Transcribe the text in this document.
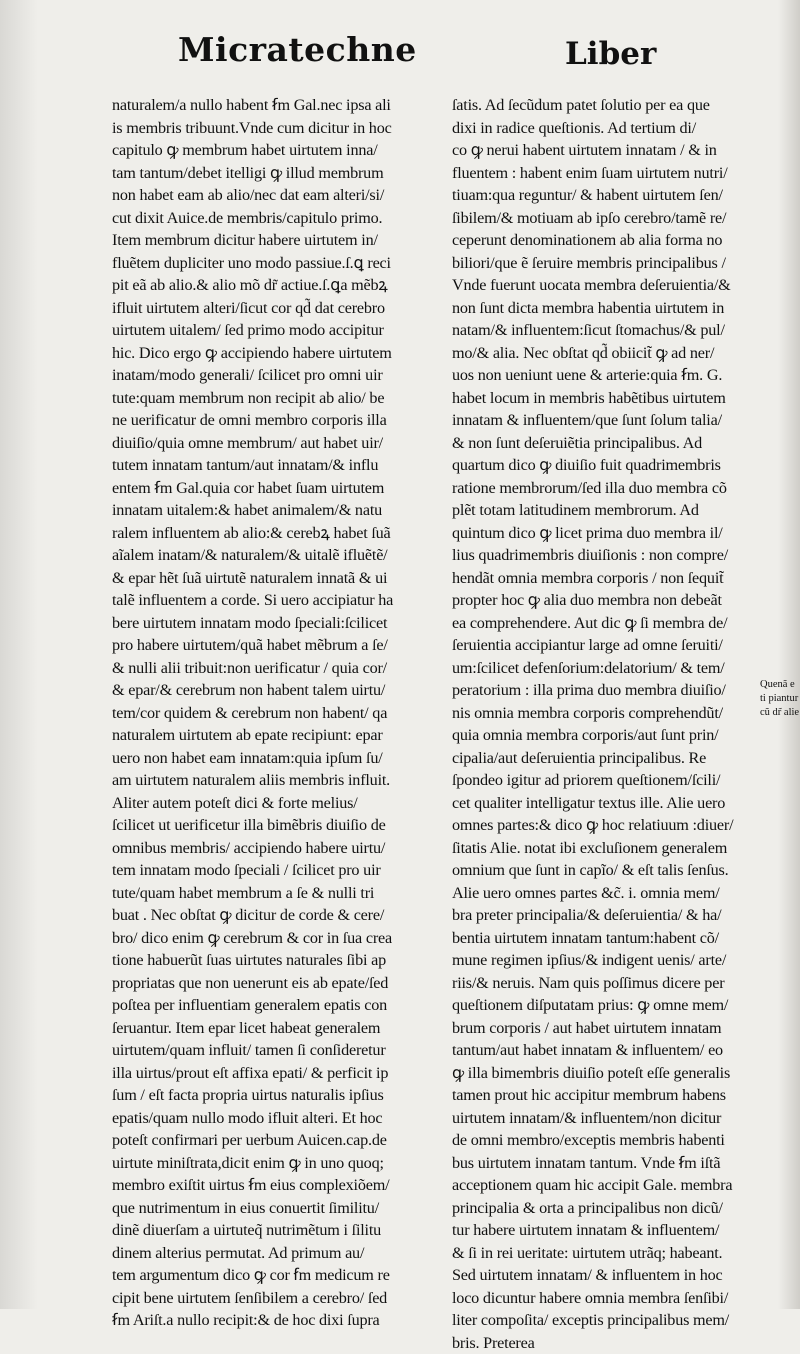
Micratechne	Liber
naturalem/a nullo habent ẜm Gal.nec ipsa ali
is membris tribuunt.Vnde cum dicitur in hoc
capitulo ꝙ membrum habet uirtutem inna/
tam tantum/debet itelligi ꝙ illud membrum
non habet eam ab alio/nec dat eam alteri/si/
cut dixit Auice.de membris/capitulo primo.
Item membrum dicitur habere uirtutem in/
fluẽtem dupliciter uno modo passiue.ſ.ꝗ reci
pit eã ab alio.& alio mõ dr̃ actiue.ſ.ꝗa mẽbꝝ
ifluit uirtutem alteri/ſicut cor qd̃ dat cerebro
uirtutem uitalem/ ſed primo modo accipitur
hic. Dico ergo ꝙ accipiendo habere uirtutem
inatam/modo generali/ ſcilicet pro omni uir
tute:quam membrum non recipit ab alio/ be
ne uerificatur de omni membro corporis illa
diuiſio/quia omne membrum/ aut habet uir/
tutem innatam tantum/aut innatam/& influ
entem ẜm Gal.quia cor habet ſuam uirtutem
innatam uitalem:& habet animalem/& natu
ralem influentem ab alio:& cerebꝝ habet ſuã
aĩalem inatam/& naturalem/& uitalẽ ifluẽtẽ/
& epar hẽt ſuã uirtutẽ naturalem innatã & ui
talẽ influentem a corde. Si uero accipiatur ha
bere uirtutem innatam modo ſpeciali:ſcilicet
pro habere uirtutem/quã habet mẽbrum a ſe/
& nulli alii tribuit:non uerificatur / quia cor/
& epar/& cerebrum non habent talem uirtu/
tem/cor quidem & cerebrum non habent/ qa
naturalem uirtutem ab epate recipiunt: epar
uero non habet eam innatam:quia ipſum ſu/
am uirtutem naturalem aliis membris influit.
Aliter autem poteſt dici & forte melius/
ſcilicet ut uerificetur illa bimẽbris diuiſio de
omnibus membris/ accipiendo habere uirtu/
tem innatam modo ſpeciali / ſcilicet pro uir
tute/quam habet membrum a ſe & nulli tri
buat . Nec obſtat ꝙ dicitur de corde & cere/
bro/ dico enim ꝙ cerebrum & cor in ſua crea
tione habuerũt ſuas uirtutes naturales ſibi ap
propriatas que non uenerunt eis ab epate/ſed
poſtea per influentiam generalem epatis con
ſeruantur. Item epar licet habeat generalem
uirtutem/quam influit/ tamen ſi conſideretur
illa uirtus/prout eſt affixa epati/ & perficit ip
ſum / eſt facta propria uirtus naturalis ipſius
epatis/quam nullo modo ifluit alteri. Et hoc
poteſt confirmari per uerbum Auicen.cap.de
uirtute miniſtrata,dicit enim ꝙ in uno quoq;
membro exiſtit uirtus ẜm eius complexiõem/
que nutrimentum in eius conuertit ſimilitu/
dinẽ diuerſam a uirtuteq̃ nutrimẽtum i ſilitu
dinem alterius permutat. Ad primum au/
tem argumentum dico ꝙ cor ẜm medicum re
cipit bene uirtutem ſenſibilem a cerebro/ ſed
ẜm Ariſt.a nullo recipit:& de hoc dixi ſupra
ſatis. Ad ſecũdum patet ſolutio per ea que
dixi in radice queſtionis. Ad tertium di/
co ꝙ nerui habent uirtutem innatam / & in
fluentem : habent enim ſuam uirtutem nutri/
tiuam:qua reguntur/ & habent uirtutem ſen/
ſibilem/& motiuam ab ipſo cerebro/tamẽ re/
ceperunt denominationem ab alia forma no
biliori/que ẽ ſeruire membris principalibus /
Vnde fuerunt uocata membra deſeruientia/&
non ſunt dicta membra habentia uirtutem in
natam/& influentem:ſicut ſtomachus/& pul/
mo/& alia. Nec obſtat qd̃ obiicit̃ ꝙ ad ner/
uos non ueniunt uene & arterie:quia ẜm. G.
habet locum in membris habẽtibus uirtutem
innatam & influentem/que ſunt ſolum talia/
& non ſunt deſeruiẽtia principalibus. Ad
quartum dico ꝙ diuiſio fuit quadrimembris
ratione membrorum/ſed illa duo membra cõ
plẽt totam latitudinem membrorum. Ad
quintum dico ꝙ licet prima duo membra il/
lius quadrimembris diuiſionis : non compre/
hendãt omnia membra corporis / non ſequit̃
propter hoc ꝙ alia duo membra non debeãt
ea comprehendere. Aut dic ꝙ ſi membra de/
ſeruientia accipiantur large ad omne ſeruiti/
um:ſcilicet defenſorium:delatorium/ & tem/
peratorium : illa prima duo membra diuiſio/
nis omnia membra corporis comprehendũt/
quia omnia membra corporis/aut ſunt prin/
cipalia/aut deſeruientia principalibus. Re
ſpondeo igitur ad priorem queſtionem/ſcili/
cet qualiter intelligatur textus ille. Alie uero
omnes partes:& dico ꝙ hoc relatiuum :diuer/
ſitatis Alie. notat ibi excluſionem generalem
omnium que ſunt in capĩo/ & eſt talis ſenſus.
Alie uero omnes partes &c̃. i. omnia mem/
bra preter principalia/& deſeruientia/ & ha/
bentia uirtutem innatam tantum:habent cõ/
mune regimen ipſius/& indigent uenis/ arte/
riis/& neruis. Nam quis poſſimus dicere per
queſtionem diſputatam prius: ꝙ omne mem/
brum corporis / aut habet uirtutem innatam
tantum/aut habet innatam & influentem/ eo
ꝙ illa bimembris diuiſio poteſt eſſe generalis
tamen prout hic accipitur membrum habens
uirtutem innatam/& influentem/non dicitur
de omni membro/exceptis membris habenti
bus uirtutem innatam tantum. Vnde ẜm iſtã
acceptionem quam hic accipit Gale. membra
principalia & orta a principalibus non dicũ/
tur habere uirtutem innatam & influentem/
& ſi in rei ueritate: uirtutem utrãq; habeant.
Sed uirtutem innatam/ & influentem in hoc
loco dicuntur habere omnia membra ſenſibi/
liter compoſita/ exceptis principalibus mem/
bris. Preterea
Quenã e
ti piantur
cũ dr̃ alie
